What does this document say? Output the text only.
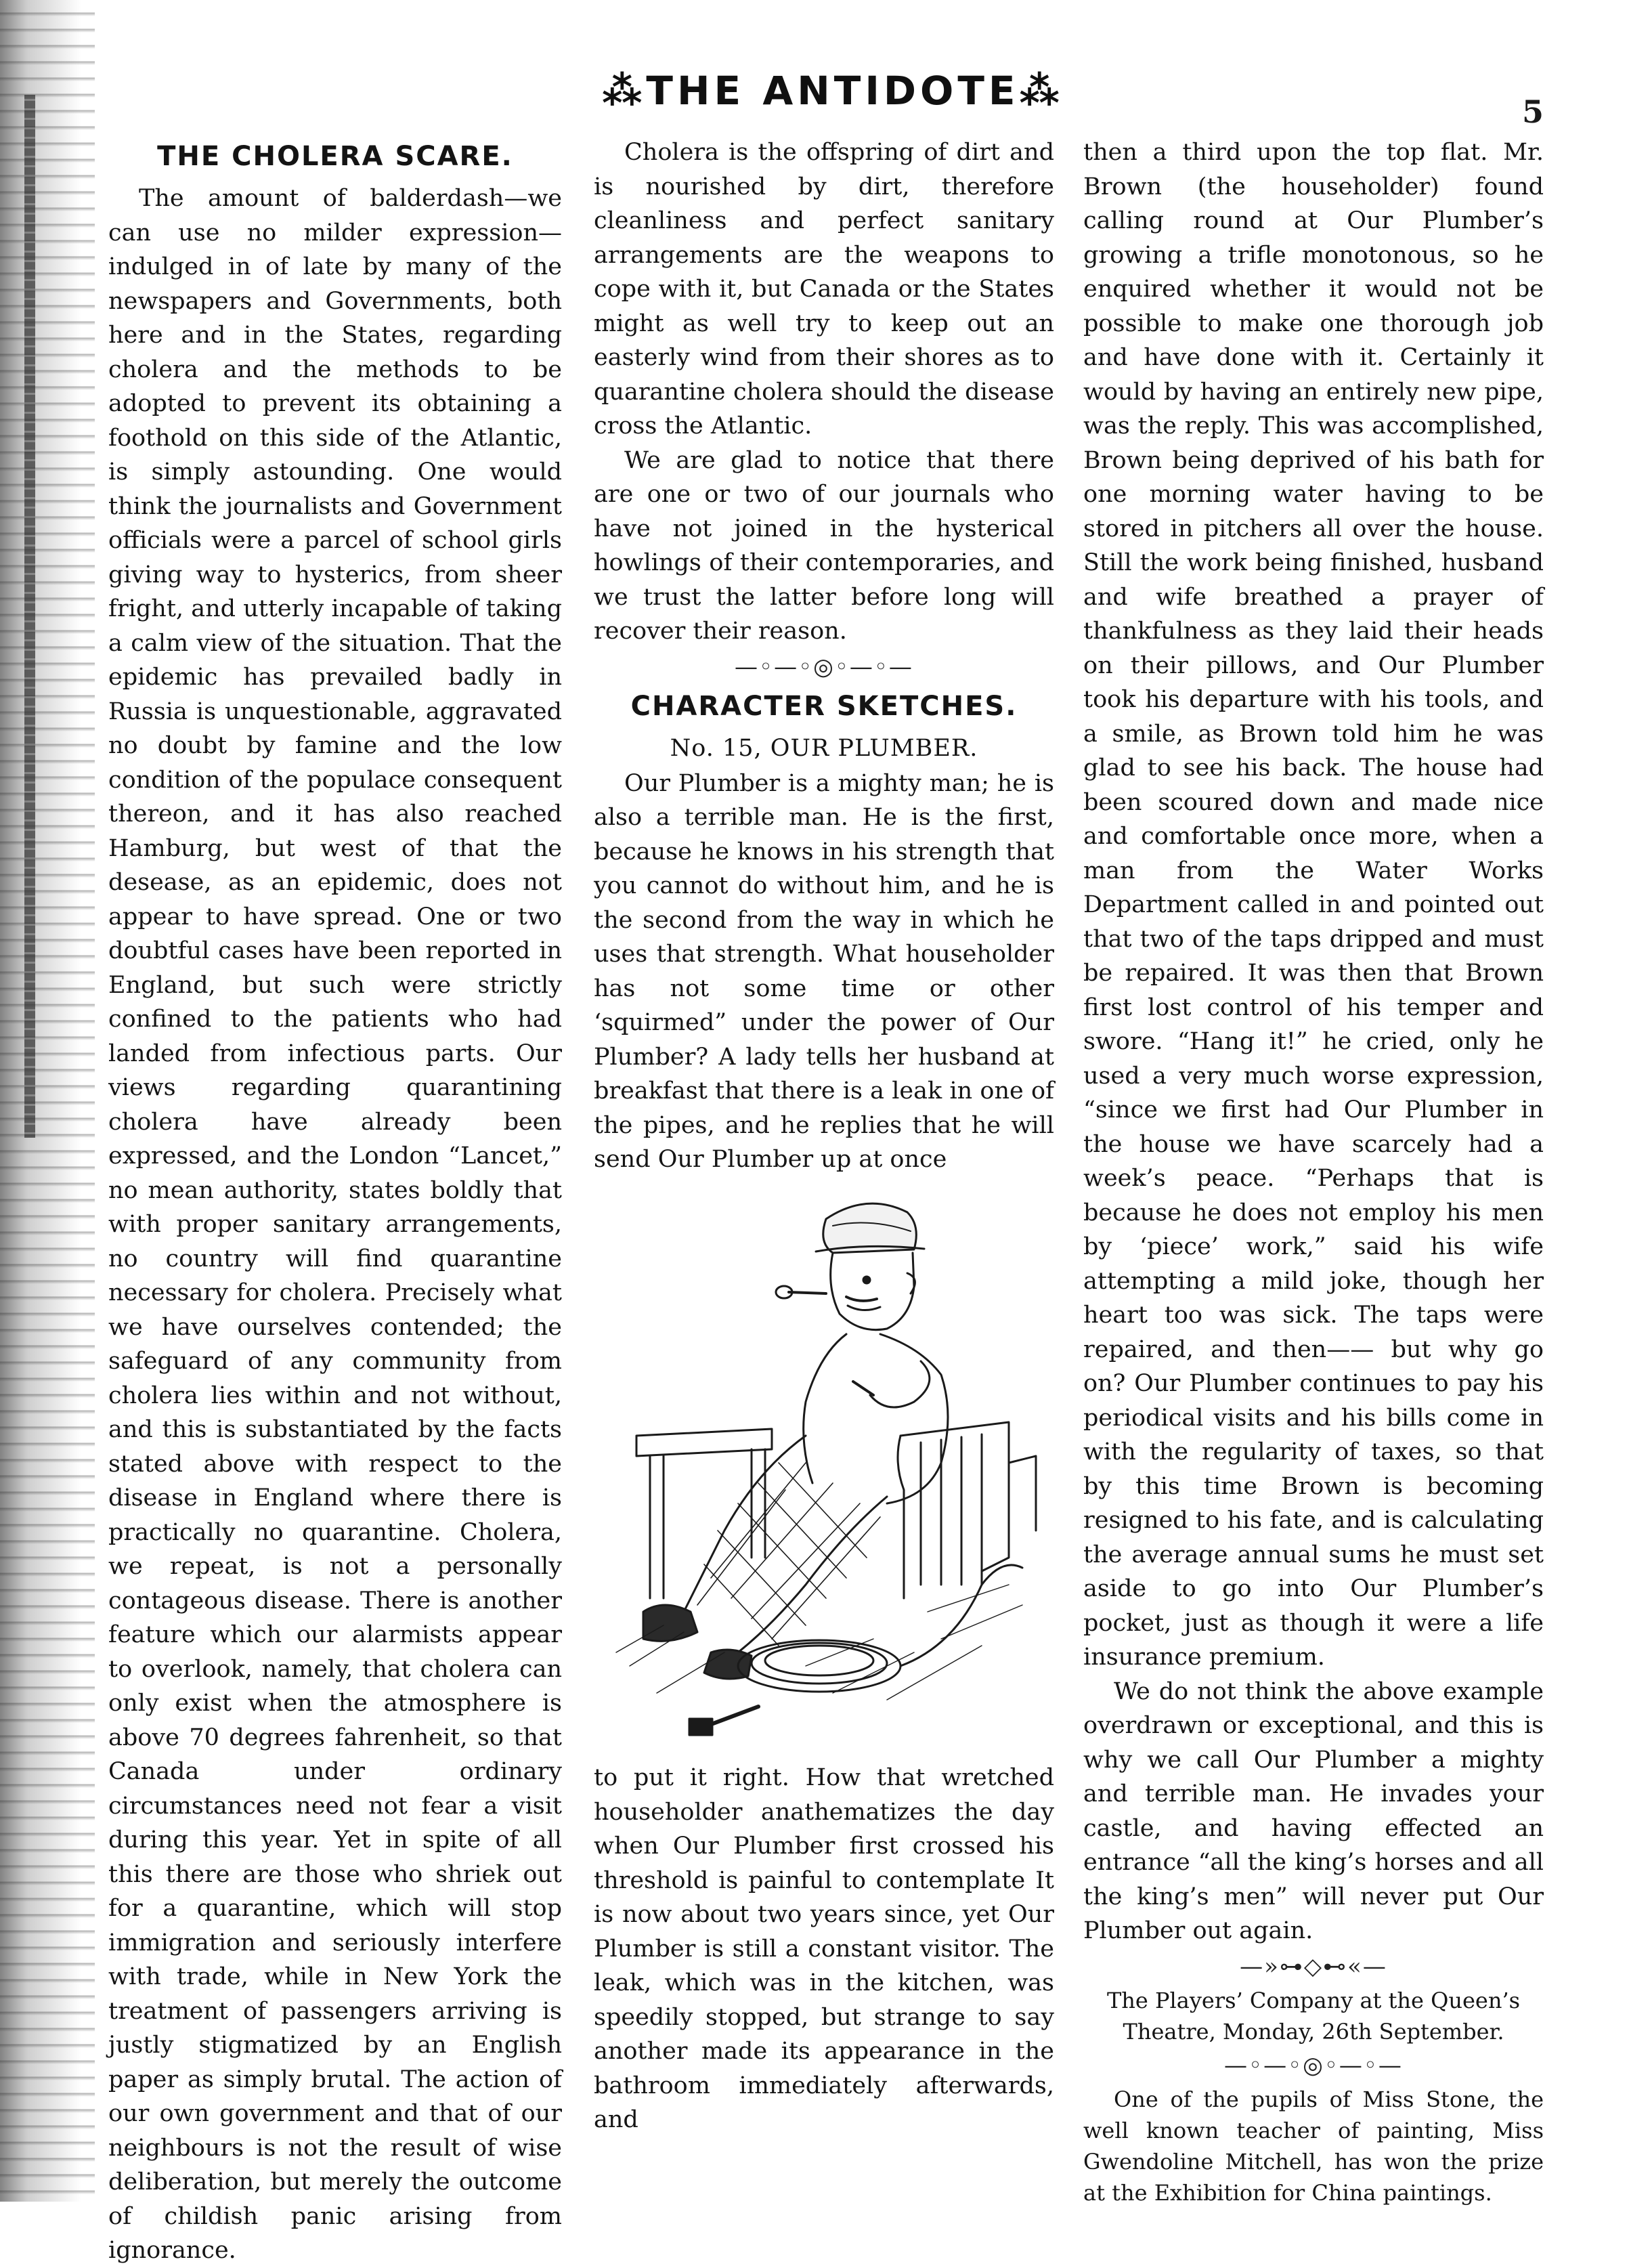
⁂THE ANTIDOTE⁂	5
THE CHOLERA SCARE.

The amount of balderdash—we can use no milder expression—indulged in of late by many of the newspapers and Governments, both here and in the States, regarding cholera and the methods to be adopted to prevent its obtaining a foothold on this side of the Atlantic, is simply astounding. One would think the journalists and Government officials were a parcel of school girls giving way to hysterics, from sheer fright, and utterly incapable of taking a calm view of the situation. That the epidemic has prevailed badly in Russia is unquestionable, aggravated no doubt by famine and the low condition of the populace consequent thereon, and it has also reached Hamburg, but west of that the desease, as an epidemic, does not appear to have spread. One or two doubtful cases have been reported in England, but such were strictly confined to the patients who had landed from infectious parts. Our views regarding quarantining cholera have already been expressed, and the London “Lancet,” no mean authority, states boldly that with proper sanitary arrangements, no country will find quarantine necessary for cholera. Precisely what we have ourselves contended; the safeguard of any community from cholera lies within and not without, and this is substantiated by the facts stated above with respect to the disease in England where there is practically no quarantine. Cholera, we repeat, is not a personally contageous disease. There is another feature which our alarmists appear to overlook, namely, that cholera can only exist when the atmosphere is above 70 degrees fahrenheit, so that Canada under ordinary circumstances need not fear a visit during this year. Yet in spite of all this there are those who shriek out for a quarantine, which will stop immigration and seriously interfere with trade, while in New York the treatment of passengers arriving is justly stigmatized by an English paper as simply brutal. The action of our own government and that of our neighbours is not the result of wise deliberation, but merely the outcome of childish panic arising from ignorance.

Cholera is the offspring of dirt and is nourished by dirt, therefore cleanliness and perfect sanitary arrangements are the weapons to cope with it, but Canada or the States might as well try to keep out an easterly wind from their shores as to quarantine cholera should the disease cross the Atlantic.

We are glad to notice that there are one or two of our journals who have not joined in the hysterical howlings of their contemporaries, and we trust the latter before long will recover their reason.

—◦—◦◎◦—◦—
CHARACTER SKETCHES.
No. 15, OUR PLUMBER.

Our Plumber is a mighty man; he is also a terrible man. He is the first, because he knows in his strength that you cannot do without him, and he is the second from the way in which he uses that strength. What householder has not some time or other ‘squirmed” under the power of Our Plumber? A lady tells her husband at breakfast that there is a leak in one of the pipes, and he replies that he will send Our Plumber up at once

to put it right. How that wretched householder anathematizes the day when Our Plumber first crossed his threshold is painful to contemplate It is now about two years since, yet Our Plumber is still a constant visitor. The leak, which was in the kitchen, was speedily stopped, but strange to say another made its appearance in the bathroom immediately afterwards, and

then a third upon the top flat. Mr. Brown (the householder) found calling round at Our Plumber’s growing a trifle monotonous, so he enquired whether it would not be possible to make one thorough job and have done with it. Certainly it would by having an entirely new pipe, was the reply. This was accomplished, Brown being deprived of his bath for one morning water having to be stored in pitchers all over the house. Still the work being finished, husband and wife breathed a prayer of thankfulness as they laid their heads on their pillows, and Our Plumber took his departure with his tools, and a smile, as Brown told him he was glad to see his back. The house had been scoured down and made nice and comfortable once more, when a man from the Water Works Department called in and pointed out that two of the taps dripped and must be repaired. It was then that Brown first lost control of his temper and swore. “Hang it!” he cried, only he used a very much worse expression, “since we first had Our Plumber in the house we have scarcely had a week’s peace. “Perhaps that is because he does not employ his men by ‘piece’ work,” said his wife attempting a mild joke, though her heart too was sick. The taps were repaired, and then—— but why go on? Our Plumber continues to pay his periodical visits and his bills come in with the regularity of taxes, so that by this time Brown is becoming resigned to his fate, and is calculating the average annual sums he must set aside to go into Our Plumber’s pocket, just as though it were a life insurance premium.

We do not think the above example overdrawn or exceptional, and this is why we call Our Plumber a mighty and terrible man. He invades your castle, and having effected an entrance “all the king’s horses and all the king’s men” will never put Our Plumber out again.

—»⊶◇⊷«—
The Players’ Company at the Queen’s Theatre, Monday, 26th September.
—◦—◦◎◦—◦—

One of the pupils of Miss Stone, the well known teacher of painting, Miss Gwendoline Mitchell, has won the prize at the Exhibition for China paintings.
